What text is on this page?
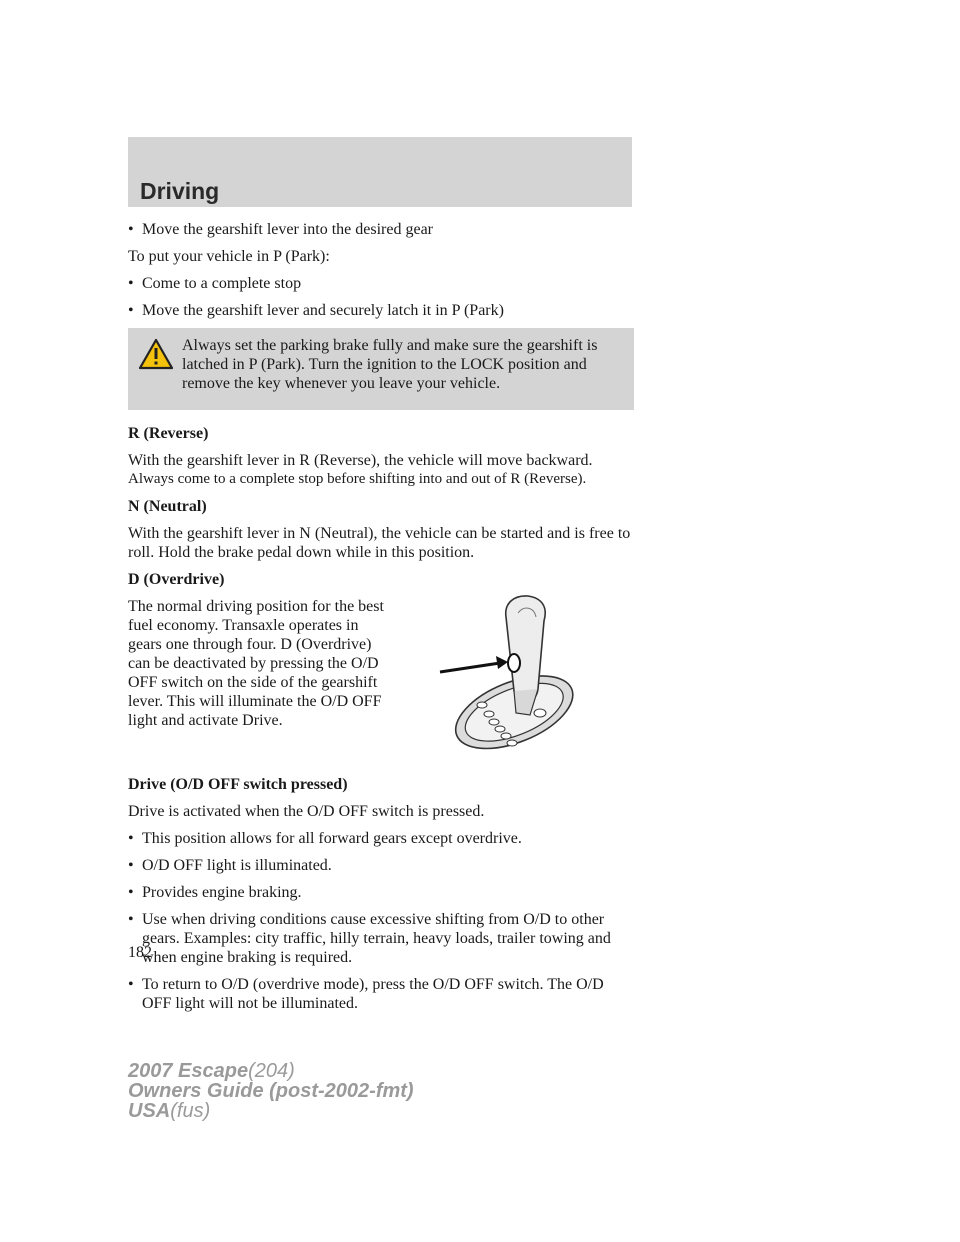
Driving
• Move the gearshift lever into the desired gear

To put your vehicle in P (Park):

• Come to a complete stop
• Move the gearshift lever and securely latch it in P (Park)

Always set the parking brake fully and make sure the gearshift is latched in P (Park). Turn the ignition to the LOCK position and remove the key whenever you leave your vehicle.

R (Reverse)

With the gearshift lever in R (Reverse), the vehicle will move backward.

Always come to a complete stop before shifting into and out of R (Reverse).

N (Neutral)

With the gearshift lever in N (Neutral), the vehicle can be started and is free to roll. Hold the brake pedal down while in this position.

D (Overdrive)

The normal driving position for the best fuel economy. Transaxle operates in gears one through four. D (Overdrive) can be deactivated by pressing the O/D OFF switch on the side of the gearshift lever. This will illuminate the O/D OFF light and activate Drive.

Drive (O/D OFF switch pressed)

Drive is activated when the O/D OFF switch is pressed.

• This position allows for all forward gears except overdrive.
• O/D OFF light is illuminated.
• Provides engine braking.
• Use when driving conditions cause excessive shifting from O/D to other gears. Examples: city traffic, hilly terrain, heavy loads, trailer towing and when engine braking is required.
• To return to O/D (overdrive mode), press the O/D OFF switch. The O/D OFF light will not be illuminated.
182
2007 Escape(204)
Owners Guide (post-2002-fmt)
USA(fus)
